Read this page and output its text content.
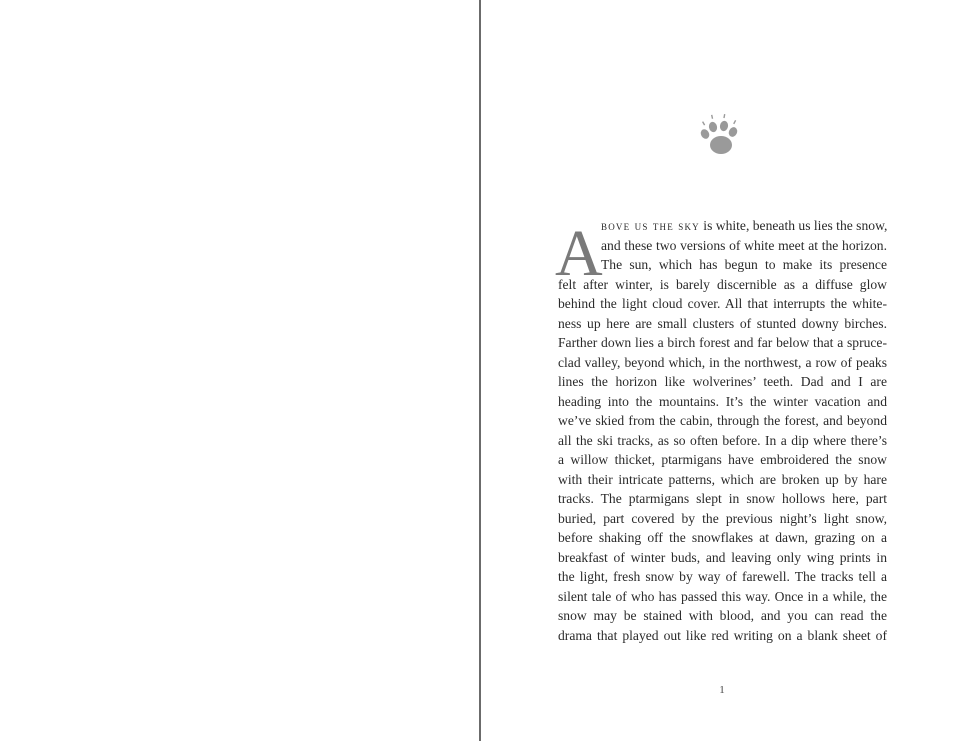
A
bove us the sky is white, beneath us lies the snow,
and these two versions of white meet at the horizon.
The sun, which has begun to make its presence
felt after winter, is barely discernible as a diffuse glow
behind the light cloud cover. All that interrupts the white-
ness up here are small clusters of stunted downy birches.
Farther down lies a birch forest and far below that a spruce-
clad valley, beyond which, in the northwest, a row of peaks
lines the horizon like wolverines’ teeth. Dad and I are
heading into the mountains. It’s the winter vacation and
we’ve skied from the cabin, through the forest, and beyond
all the ski tracks, as so often before. In a dip where there’s
a willow thicket, ptarmigans have embroidered the snow
with their intricate patterns, which are broken up by hare
tracks. The ptarmigans slept in snow hollows here, part
buried, part covered by the previous night’s light snow,
before shaking off the snowflakes at dawn, grazing on a
breakfast of winter buds, and leaving only wing prints in
the light, fresh snow by way of farewell. The tracks tell a
silent tale of who has passed this way. Once in a while, the
snow may be stained with blood, and you can read the
drama that played out like red writing on a blank sheet of
1
